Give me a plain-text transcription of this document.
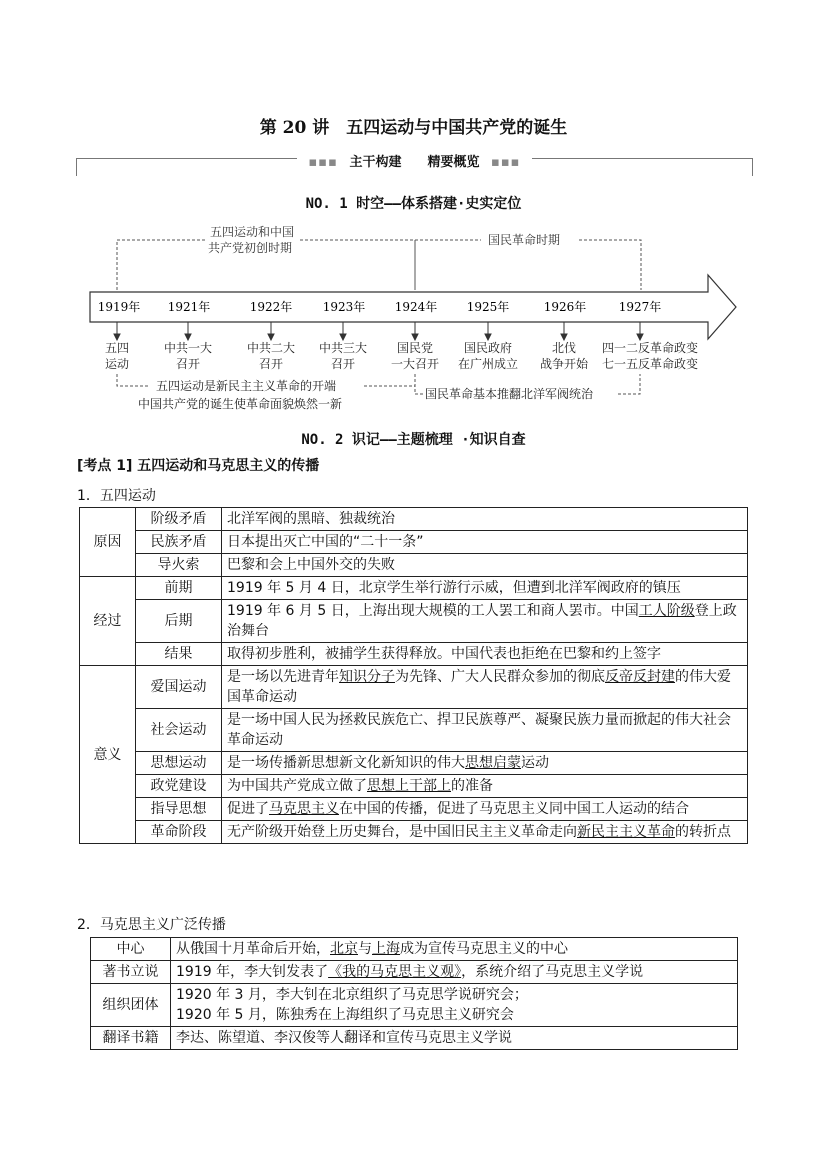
第 20 讲　五四运动与中国共产党的诞生
▪▪▪ 主干构建　　 精要概览 ▪▪▪
NO. 1 时空——体系搭建·史实定位
五四运动和中国
共产党初创时期
国民革命时期
1919年 1921年	1922年	1923年 1924年 1925年	1926年	1927年
五四
运动
中共一大
召开
中共二大
召开
中共三大
召开
国民党
一大召开
国民政府
在广州成立
北伐
战争开始
四一二反革命政变
七一五反革命政变
五四运动是新民主主义革命的开端
中国共产党的诞生使革命面貌焕然一新
国民革命基本推翻北洋军阀统治
NO. 2 识记——主题梳理 ·知识自查
[考点 1] 五四运动和马克思主义的传播
1．五四运动
原因	阶级矛盾	北洋军阀的黑暗、独裁统治
	民族矛盾	日本提出灭亡中国的“二十一条”
	导火索	巴黎和会上中国外交的失败
经过	前期	1919 年 5 月 4 日，北京学生举行游行示威，但遭到北洋军阀政府的镇压
	后期	1919 年 6 月 5 日，上海出现大规模的工人罢工和商人罢市。中国工人阶级登上政治舞台
	结果	取得初步胜利，被捕学生获得释放。中国代表也拒绝在巴黎和约上签字
意义	爱国运动	是一场以先进青年知识分子为先锋、广大人民群众参加的彻底反帝反封建的伟大爱国革命运动
	社会运动	是一场中国人民为拯救民族危亡、捍卫民族尊严、凝聚民族力量而掀起的伟大社会革命运动
	思想运动	是一场传播新思想新文化新知识的伟大思想启蒙运动
	政党建设	为中国共产党成立做了思想上干部上的准备
	指导思想	促进了马克思主义在中国的传播，促进了马克思主义同中国工人运动的结合
	革命阶段	无产阶级开始登上历史舞台，是中国旧民主主义革命走向新民主主义革命的转折点
2．马克思主义广泛传播
中心	从俄国十月革命后开始，北京与上海成为宣传马克思主义的中心
著书立说	1919 年，李大钊发表了《我的马克思主义观》，系统介绍了马克思主义学说
组织团体	1920 年 3 月，李大钊在北京组织了马克思学说研究会；
1920 年 5 月，陈独秀在上海组织了马克思主义研究会

翻译书籍	李达、陈望道、李汉俊等人翻译和宣传马克思主义学说
